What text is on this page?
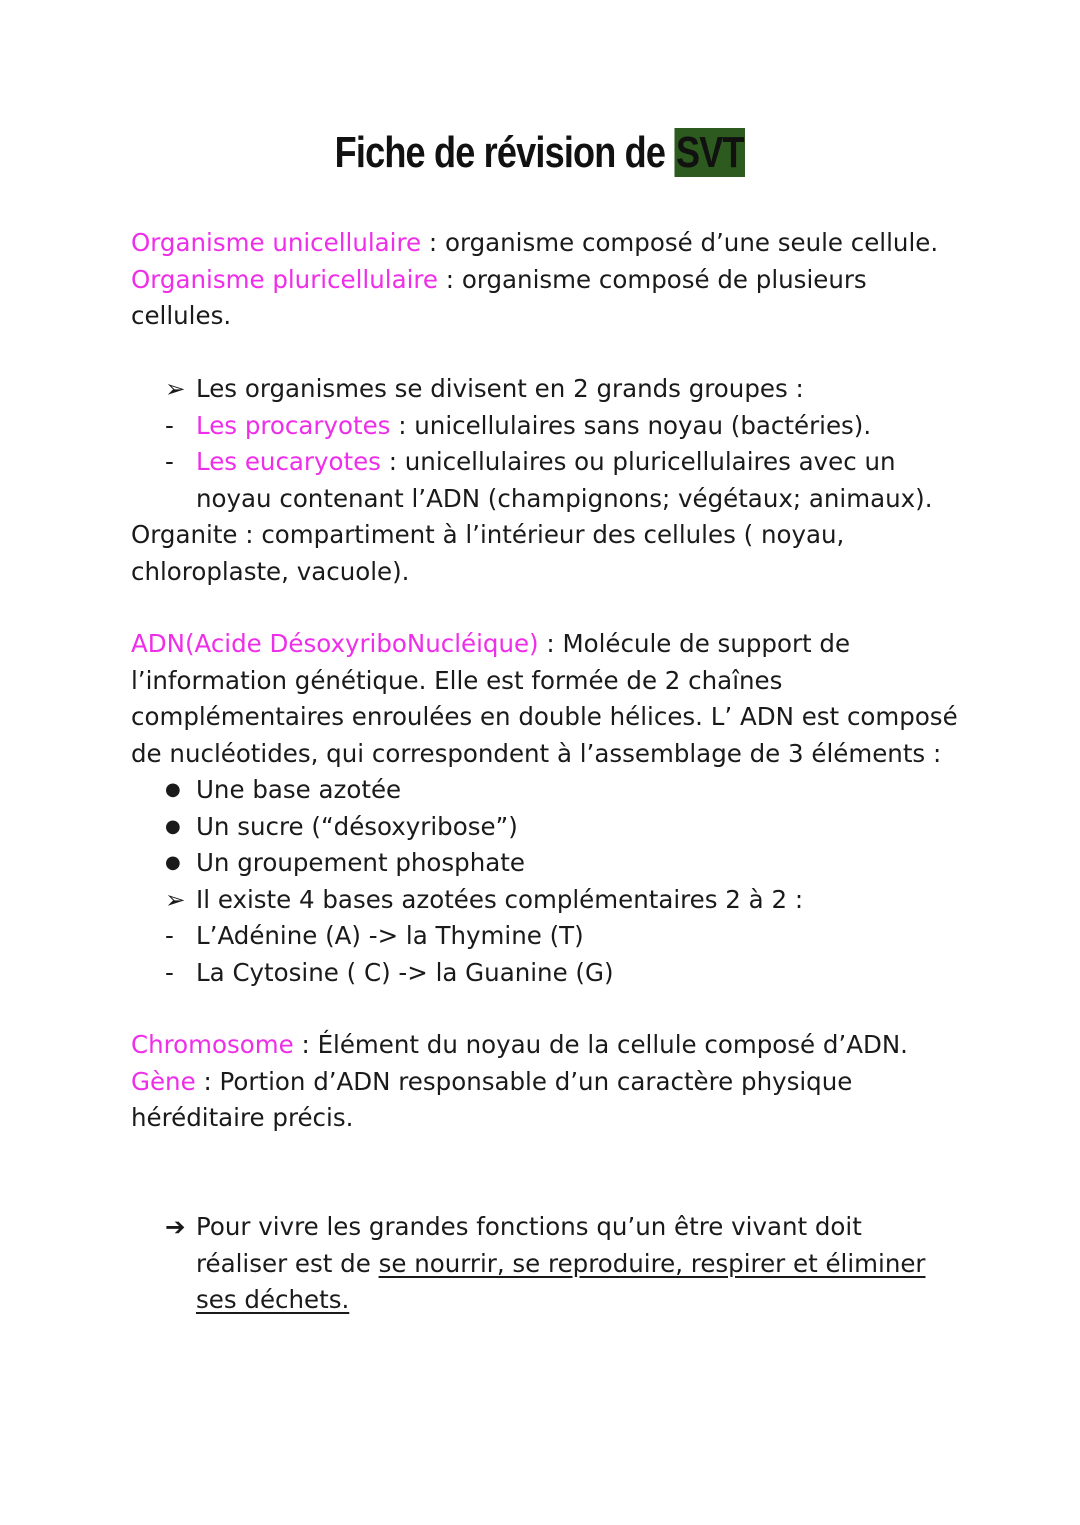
Fiche de révision de SVT
Organisme unicellulaire : organisme composé d’une seule cellule.
Organisme pluricellulaire : organisme composé de plusieurs
cellules.
➢ Les organismes se divisent en 2 grands groupes :
- Les procaryotes : unicellulaires sans noyau (bactéries).
- Les eucaryotes : unicellulaires ou pluricellulaires avec un
noyau contenant l’ADN (champignons; végétaux; animaux).
Organite : compartiment à l’intérieur des cellules ( noyau,
chloroplaste, vacuole).
ADN(Acide DésoxyriboNucléique) : Molécule de support de
l’information génétique. Elle est formée de 2 chaînes
complémentaires enroulées en double hélices. L’ ADN est composé
de nucléotides, qui correspondent à l’assemblage de 3 éléments :
● Une base azotée
● Un sucre (“désoxyribose”)
● Un groupement phosphate
➢ Il existe 4 bases azotées complémentaires 2 à 2 :
- L’Adénine (A) -> la Thymine (T)
- La Cytosine ( C) -> la Guanine (G)
Chromosome : Élément du noyau de la cellule composé d’ADN.
Gène : Portion d’ADN responsable d’un caractère physique
héréditaire précis.
➔ Pour vivre les grandes fonctions qu’un être vivant doit
réaliser est de se nourrir, se reproduire, respirer et éliminer
ses déchets.
